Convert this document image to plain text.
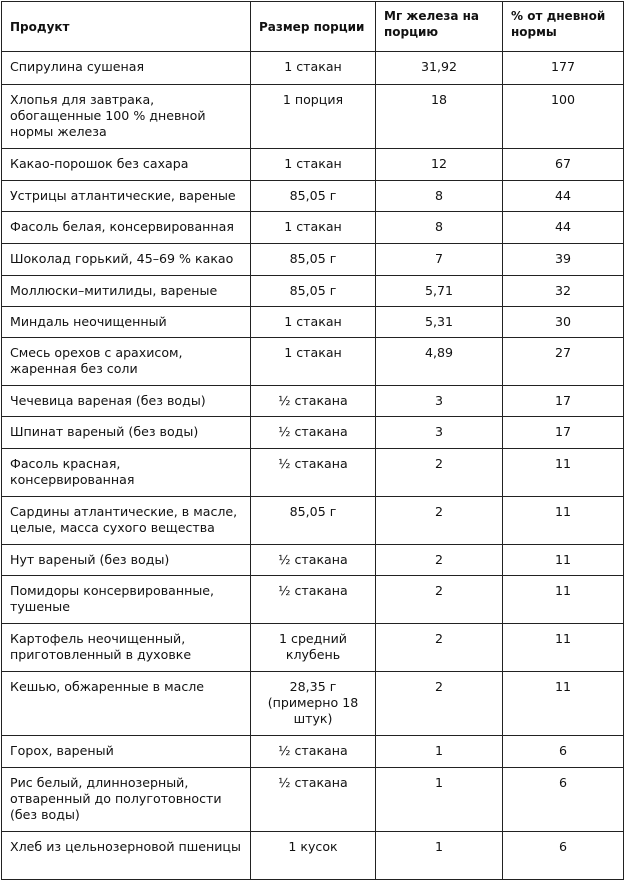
Продукт	Размер порции	Мг железа на порцию	% от дневной нормы
Спирулина сушеная	1 стакан	31,92	177
Хлопья для завтрака, обогащенные 100 % дневной нормы железа	1 порция	18	100
Какао-порошок без сахара	1 стакан	12	67
Устрицы атлантические, вареные	85,05 г	8	44
Фасоль белая, консервированная	1 стакан	8	44
Шоколад горький, 45–69 % какао	85,05 г	7	39
Моллюски–митилиды, вареные	85,05 г	5,71	32
Миндаль неочищенный	1 стакан	5,31	30
Смесь орехов с арахисом, жаренная без соли	1 стакан	4,89	27
Чечевица вареная (без воды)	½ стакана	3	17
Шпинат вареный (без воды)	½ стакана	3	17
Фасоль красная, консервированная	½ стакана	2	11
Сардины атлантические, в масле, целые, масса сухого вещества	85,05 г	2	11
Нут вареный (без воды)	½ стакана	2	11
Помидоры консервированные, тушеные	½ стакана	2	11
Картофель неочищенный, приготовленный в духовке	1 средний клубень	2	11
Кешью, обжаренные в масле	28,35 г (примерно 18 штук)	2	11
Горох, вареный	½ стакана	1	6
Рис белый, длиннозерный, отваренный до полуготовности (без воды)	½ стакана	1	6
Хлеб из цельнозерновой пшеницы	1 кусок	1	6
